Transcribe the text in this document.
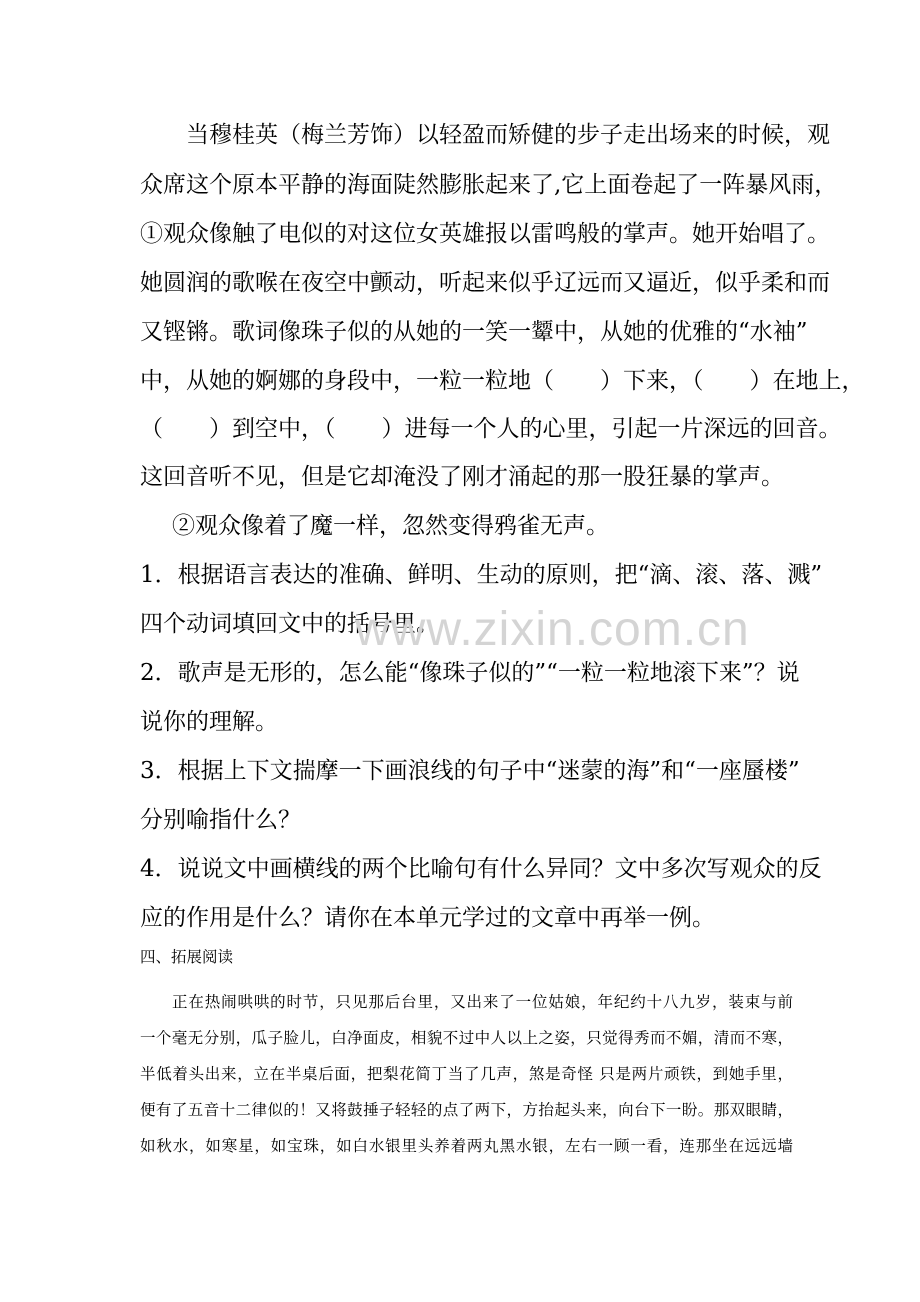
当穆桂英（梅兰芳饰）以轻盈而矫健的步子走出场来的时候，观
众席这个原本平静的海面陡然膨胀起来了,它上面卷起了一阵暴风雨，
①观众像触了电似的对这位女英雄报以雷鸣般的掌声。她开始唱了。
她圆润的歌喉在夜空中颤动，听起来似乎辽远而又逼近，似乎柔和而
又铿锵。歌词像珠子似的从她的一笑一颦中，从她的优雅的“水袖”
中，从她的婀娜的身段中，一粒一粒地（　　）下来，（　　）在地上，
（　　）到空中，（　　）进每一个人的心里，引起一片深远的回音。
这回音听不见，但是它却淹没了刚才涌起的那一股狂暴的掌声。
②观众像着了魔一样，忽然变得鸦雀无声。
1．根据语言表达的准确、鲜明、生动的原则，把“滴、滚、落、溅”
四个动词填回文中的括号里。
2．歌声是无形的，怎么能“像珠子似的”“一粒一粒地滚下来”？说
说你的理解。
3．根据上下文揣摩一下画浪线的句子中“迷蒙的海”和“一座蜃楼”
分别喻指什么？
4．说说文中画横线的两个比喻句有什么异同？文中多次写观众的反
应的作用是什么？请你在本单元学过的文章中再举一例。
四、拓展阅读
正在热闹哄哄的时节，只见那后台里，又出来了一位姑娘，年纪约十八九岁，装束与前
一个毫无分别，瓜子脸儿，白净面皮，相貌不过中人以上之姿，只觉得秀而不媚，清而不寒，
半低着头出来，立在半桌后面，把梨花简丁当了几声，煞是奇怪 只是两片顽铁，到她手里，
便有了五音十二律似的！又将鼓捶子轻轻的点了两下，方抬起头来，向台下一盼。那双眼睛，
如秋水，如寒星，如宝珠，如白水银里头养着两丸黑水银，左右一顾一看，连那坐在远远墙
www.zixin.com.cn
